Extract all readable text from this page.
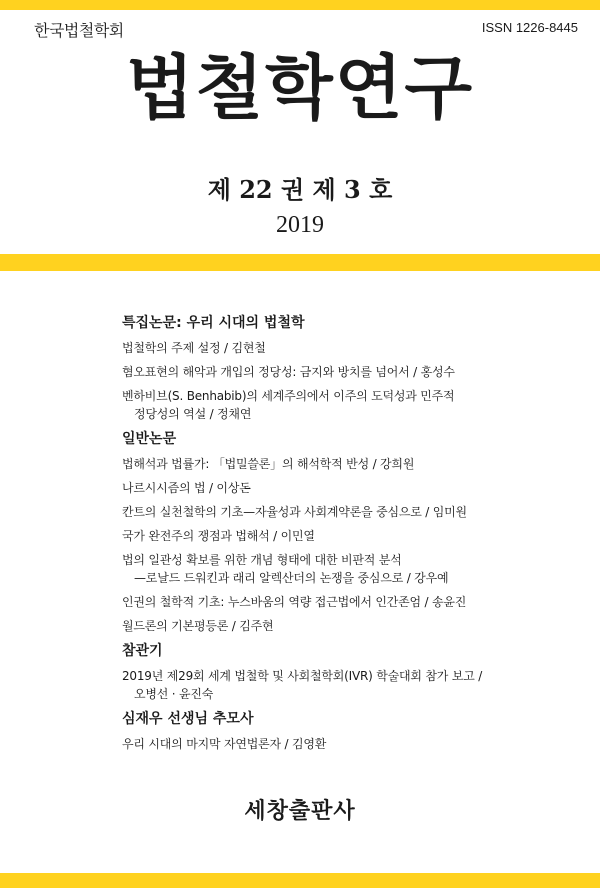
한국법철학회	ISSN 1226-8445
법철학연구
제 22 권 제 3 호
2019
특집논문: 우리 시대의 법철학
법철학의 주제 설정 / 김현철
혐오표현의 해악과 개입의 정당성: 금지와 방치를 넘어서 / 홍성수
벤하비브(S. Benhabib)의 세계주의에서 이주의 도덕성과 민주적
정당성의 역설 / 정채연
일반논문
법해석과 법률가: 「법밀쓸론」의 해석학적 반성 / 강희원
나르시시즘의 법 / 이상돈
칸트의 실천철학의 기초—자율성과 사회계약론을 중심으로 / 임미원
국가 완전주의 쟁점과 법해석 / 이민열
법의 일관성 확보를 위한 개념 형태에 대한 비판적 분석
—로날드 드워킨과 래리 알렉산더의 논쟁을 중심으로 / 강우예
인권의 철학적 기초: 누스바움의 역량 접근법에서 인간존엄 / 송윤진
월드론의 기본평등론 / 김주현
참관기
2019년 제29회 세계 법철학 및 사회철학회(IVR) 학술대회 참가 보고 /
오병선 · 윤진숙
심재우 선생님 추모사
우리 시대의 마지막 자연법론자 / 김영환
세창출판사
